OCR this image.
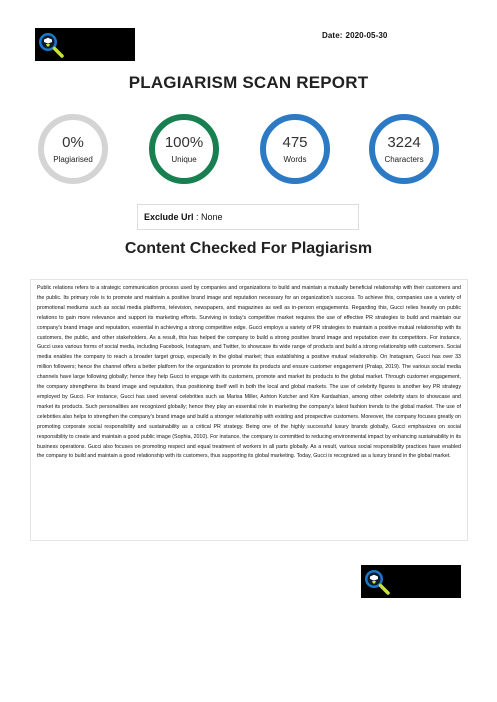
Date: 2020-05-30
PLAGIARISM SCAN REPORT
0%
Plagiarised
100%
Unique
475
Words
3224
Characters
Exclude Url : None
Content Checked For Plagiarism
Public relations refers to a strategic communication process used by companies and organizations to build and maintain a mutually beneficial relationship with their customers and the public. Its primary role is to promote and maintain a positive brand image and reputation necessary for an organization's success. To achieve this, companies use a variety of promotional mediums such as social media platforms, television, newspapers, and magazines as well as in-person engagements. Regarding this, Gucci relies heavily on public relations to gain more relevance and support its marketing efforts. Surviving in today's competitive market requires the use of effective PR strategies to build and maintain our company's brand image and reputation, essential in achieving a strong competitive edge. Gucci employs a variety of PR strategies to maintain a positive mutual relationship with its customers, the public, and other stakeholders. As a result, this has helped the company to build a strong positive brand image and reputation over its competitors. For instance, Gucci uses various forms of social media, including Facebook, Instagram, and Twitter, to showcase its wide range of products and build a strong relationship with customers. Social media enables the company to reach a broader target group, especially in the global market; thus establishing a positive mutual relationship. On Instagram, Gucci has over 33 million followers; hence the channel offers a better platform for the organization to promote its products and ensure customer engagement (Pratap, 2019). The various social media channels have large following globally; hence they help Gucci to engage with its customers, promote and market its products to the global market. Through customer engagement, the company strengthens its brand image and reputation, thus positioning itself well in both the local and global markets. The use of celebrity figures is another key PR strategy employed by Gucci. For instance, Gucci has used several celebrities such as Marisa Miller, Ashton Kutcher and Kim Kardashian, among other celebrity stars to showcase and market its products. Such personalities are recognized globally; hence they play an essential role in marketing the company's latest fashion trends to the global market. The use of celebrities also helps to strengthen the company's brand image and build a stronger relationship with existing and prospective customers. Moreover, the company focuses greatly on promoting corporate social responsibility and sustainability as a critical PR strategy. Being one of the highly successful luxury brands globally, Gucci emphasizes on social responsibility to create and maintain a good public image (Sophia, 2010). For instance, the company is committed to reducing environmental impact by enhancing sustainability in its business operations. Gucci also focuses on promoting respect and equal treatment of workers in all parts globally. As a result, various social responsibility practices have enabled the company to build and maintain a good relationship with its customers, thus supporting its global marketing. Today, Gucci is recognized as a luxury brand in the global market.
